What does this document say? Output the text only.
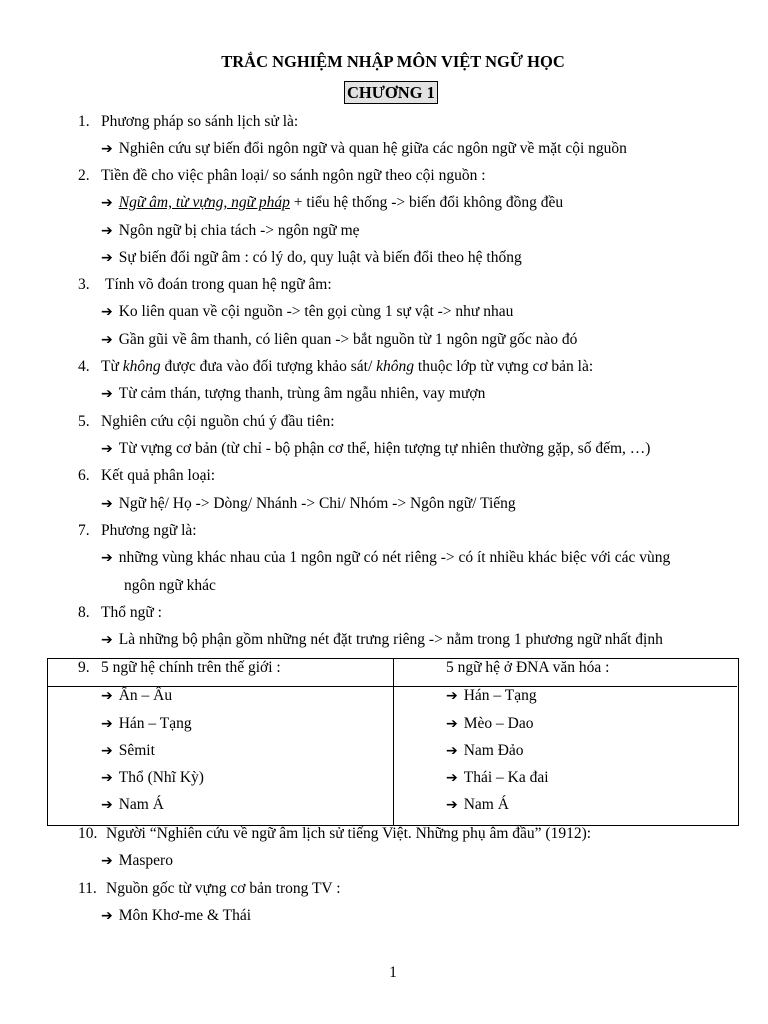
TRẮC NGHIỆM NHẬP MÔN VIỆT NGỮ HỌC
CHƯƠNG 1
1. Phương pháp so sánh lịch sử là:
➔ Nghiên cứu sự biến đổi ngôn ngữ và quan hệ giữa các ngôn ngữ về mặt cội nguồn
2. Tiền đề cho việc phân loại/ so sánh ngôn ngữ theo cội nguồn :
➔ Ngữ âm, từ vựng, ngữ pháp + tiểu hệ thống -> biến đổi không đồng đều
➔ Ngôn ngữ bị chia tách -> ngôn ngữ mẹ
➔ Sự biến đổi ngữ âm : có lý do, quy luật và biến đổi theo hệ thống
3. Tính võ đoán trong quan hệ ngữ âm:
➔ Ko liên quan về cội nguồn -> tên gọi cùng 1 sự vật -> như nhau
➔ Gần gũi về âm thanh, có liên quan -> bắt nguồn từ 1 ngôn ngữ gốc nào đó
4. Từ không được đưa vào đối tượng khảo sát/ không thuộc lớp từ vựng cơ bản là:
➔ Từ cảm thán, tượng thanh, trùng âm ngẫu nhiên, vay mượn
5. Nghiên cứu cội nguồn chú ý đầu tiên:
➔ Từ vựng cơ bản (từ chỉ - bộ phận cơ thể, hiện tượng tự nhiên thường gặp, số đếm, …)
6. Kết quả phân loại:
➔ Ngữ hệ/ Họ -> Dòng/ Nhánh -> Chi/ Nhóm -> Ngôn ngữ/ Tiếng
7. Phương ngữ là:
➔ những vùng khác nhau của 1 ngôn ngữ có nét riêng -> có ít nhiều khác biệc với các vùng
ngôn ngữ khác
8. Thổ ngữ :
➔ Là những bộ phận gồm những nét đặt trưng riêng -> nằm trong 1 phương ngữ nhất định
9. 5 ngữ hệ chính trên thế giới :	5 ngữ hệ ở ĐNA văn hóa :
➔ Ấn – Âu
➔ Hán – Tạng
➔ Sêmit
➔ Thổ (Nhĩ Kỳ)
➔ Nam Á
➔ Hán – Tạng
➔ Mèo – Dao
➔ Nam Đảo
➔ Thái – Ka đai
➔ Nam Á
10. Người “Nghiên cứu về ngữ âm lịch sử tiếng Việt. Những phụ âm đầu” (1912):
➔ Maspero
11. Nguồn gốc từ vựng cơ bản trong TV :
➔ Môn Khơ-me & Thái
1
